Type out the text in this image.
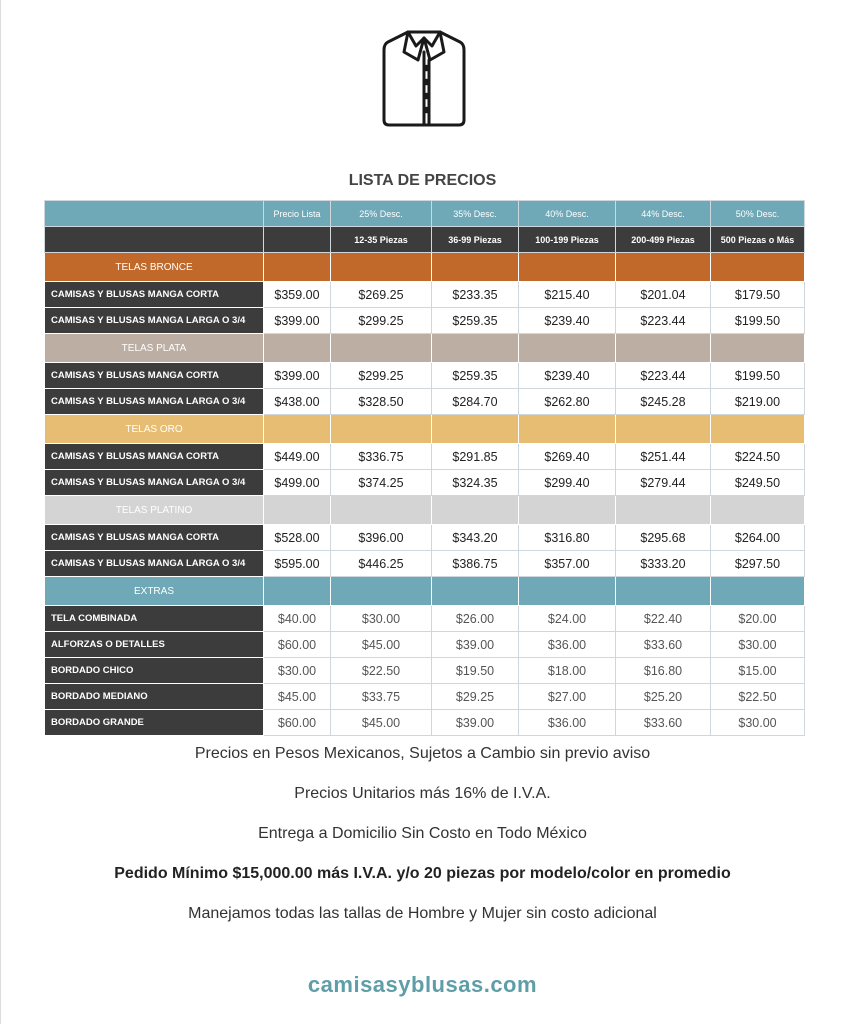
LISTA DE PRECIOS
	Precio Lista	25% Desc.	35% Desc.	40% Desc.	44% Desc.	50% Desc.
		12-35 Piezas	36-99 Piezas	100-199 Piezas	200-499 Piezas	500 Piezas o Más
TELAS BRONCE						
CAMISAS Y BLUSAS MANGA CORTA	$359.00	$269.25	$233.35	$215.40	$201.04	$179.50
CAMISAS Y BLUSAS MANGA LARGA O 3/4	$399.00	$299.25	$259.35	$239.40	$223.44	$199.50
TELAS PLATA						
CAMISAS Y BLUSAS MANGA CORTA	$399.00	$299.25	$259.35	$239.40	$223.44	$199.50
CAMISAS Y BLUSAS MANGA LARGA O 3/4	$438.00	$328.50	$284.70	$262.80	$245.28	$219.00
TELAS ORO						
CAMISAS Y BLUSAS MANGA CORTA	$449.00	$336.75	$291.85	$269.40	$251.44	$224.50
CAMISAS Y BLUSAS MANGA LARGA O 3/4	$499.00	$374.25	$324.35	$299.40	$279.44	$249.50
TELAS PLATINO						
CAMISAS Y BLUSAS MANGA CORTA	$528.00	$396.00	$343.20	$316.80	$295.68	$264.00
CAMISAS Y BLUSAS MANGA LARGA O 3/4	$595.00	$446.25	$386.75	$357.00	$333.20	$297.50
EXTRAS						
TELA COMBINADA	$40.00	$30.00	$26.00	$24.00	$22.40	$20.00
ALFORZAS O DETALLES	$60.00	$45.00	$39.00	$36.00	$33.60	$30.00
BORDADO CHICO	$30.00	$22.50	$19.50	$18.00	$16.80	$15.00
BORDADO MEDIANO	$45.00	$33.75	$29.25	$27.00	$25.20	$22.50
BORDADO GRANDE	$60.00	$45.00	$39.00	$36.00	$33.60	$30.00
Precios en Pesos Mexicanos, Sujetos a Cambio sin previo aviso
Precios Unitarios más 16% de I.V.A.
Entrega a Domicilio Sin Costo en Todo México
Pedido Mínimo $15,000.00 más I.V.A. y/o 20 piezas por modelo/color en promedio
Manejamos todas las tallas de Hombre y Mujer sin costo adicional
camisasyblusas.com
